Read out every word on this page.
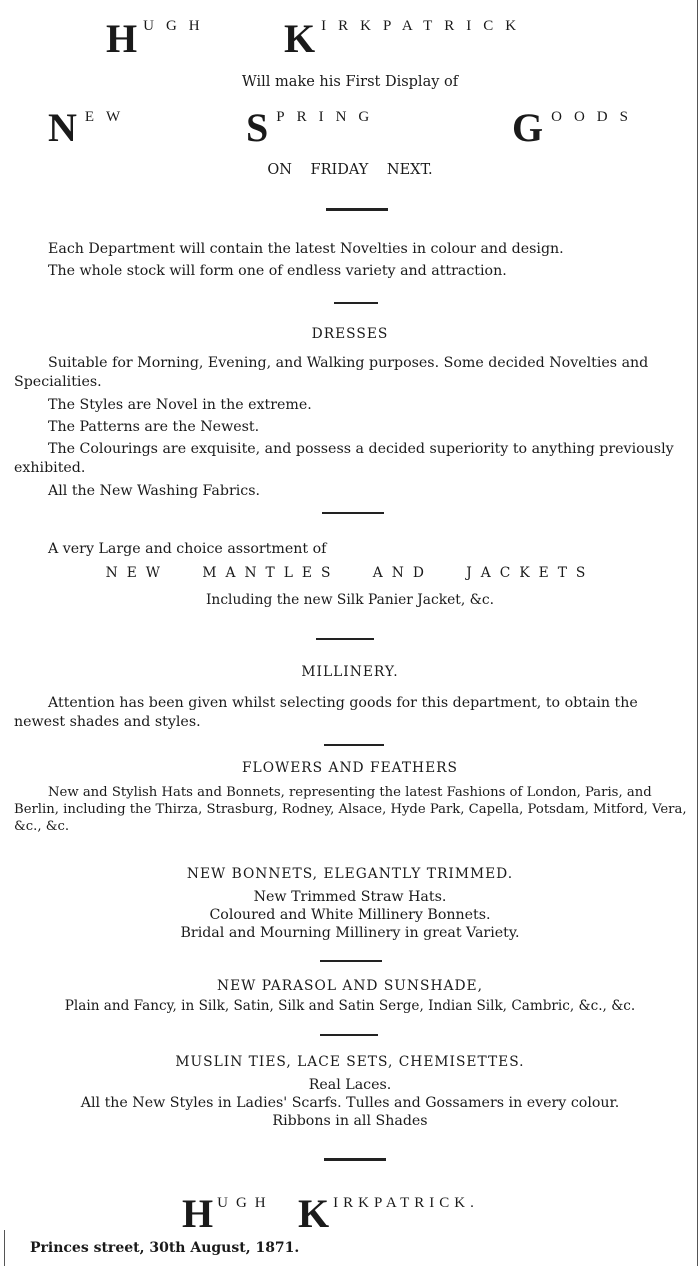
HUGH KIRKPATRICK
Will make his First Display of
NEW	SPRING	GOODS
ON FRIDAY NEXT.
Each Department will contain the latest Novelties in colour and design.
The whole stock will form one of endless variety and attraction.
DRESSES
Suitable for Morning, Evening, and Walking purposes. Some decided Novelties and Specialities.
The Styles are Novel in the extreme.
The Patterns are the Newest.
The Colourings are exquisite, and possess a decided superiority to anything previously exhibited.
All the New Washing Fabrics.
A very Large and choice assortment of
NEW MANTLES AND JACKETS
Including the new Silk Panier Jacket, &c.
MILLINERY.
Attention has been given whilst selecting goods for this department, to obtain the newest shades and styles.
FLOWERS AND FEATHERS
New and Stylish Hats and Bonnets, representing the latest Fashions of London, Paris, and Berlin, including the Thirza, Strasburg, Rodney, Alsace, Hyde Park, Capella, Potsdam, Mitford, Vera, &c., &c.
NEW BONNETS, ELEGANTLY TRIMMED.
New Trimmed Straw Hats.
Coloured and White Millinery Bonnets.
Bridal and Mourning Millinery in great Variety.
NEW PARASOL AND SUNSHADE,
Plain and Fancy, in Silk, Satin, Silk and Satin Serge, Indian Silk, Cambric, &c., &c.
MUSLIN TIES, LACE SETS, CHEMISETTES.
Real Laces.
All the New Styles in Ladies' Scarfs. Tulles and Gossamers in every colour.
Ribbons in all Shades
HUGH KIRKPATRICK.
Princes street, 30th August, 1871.
